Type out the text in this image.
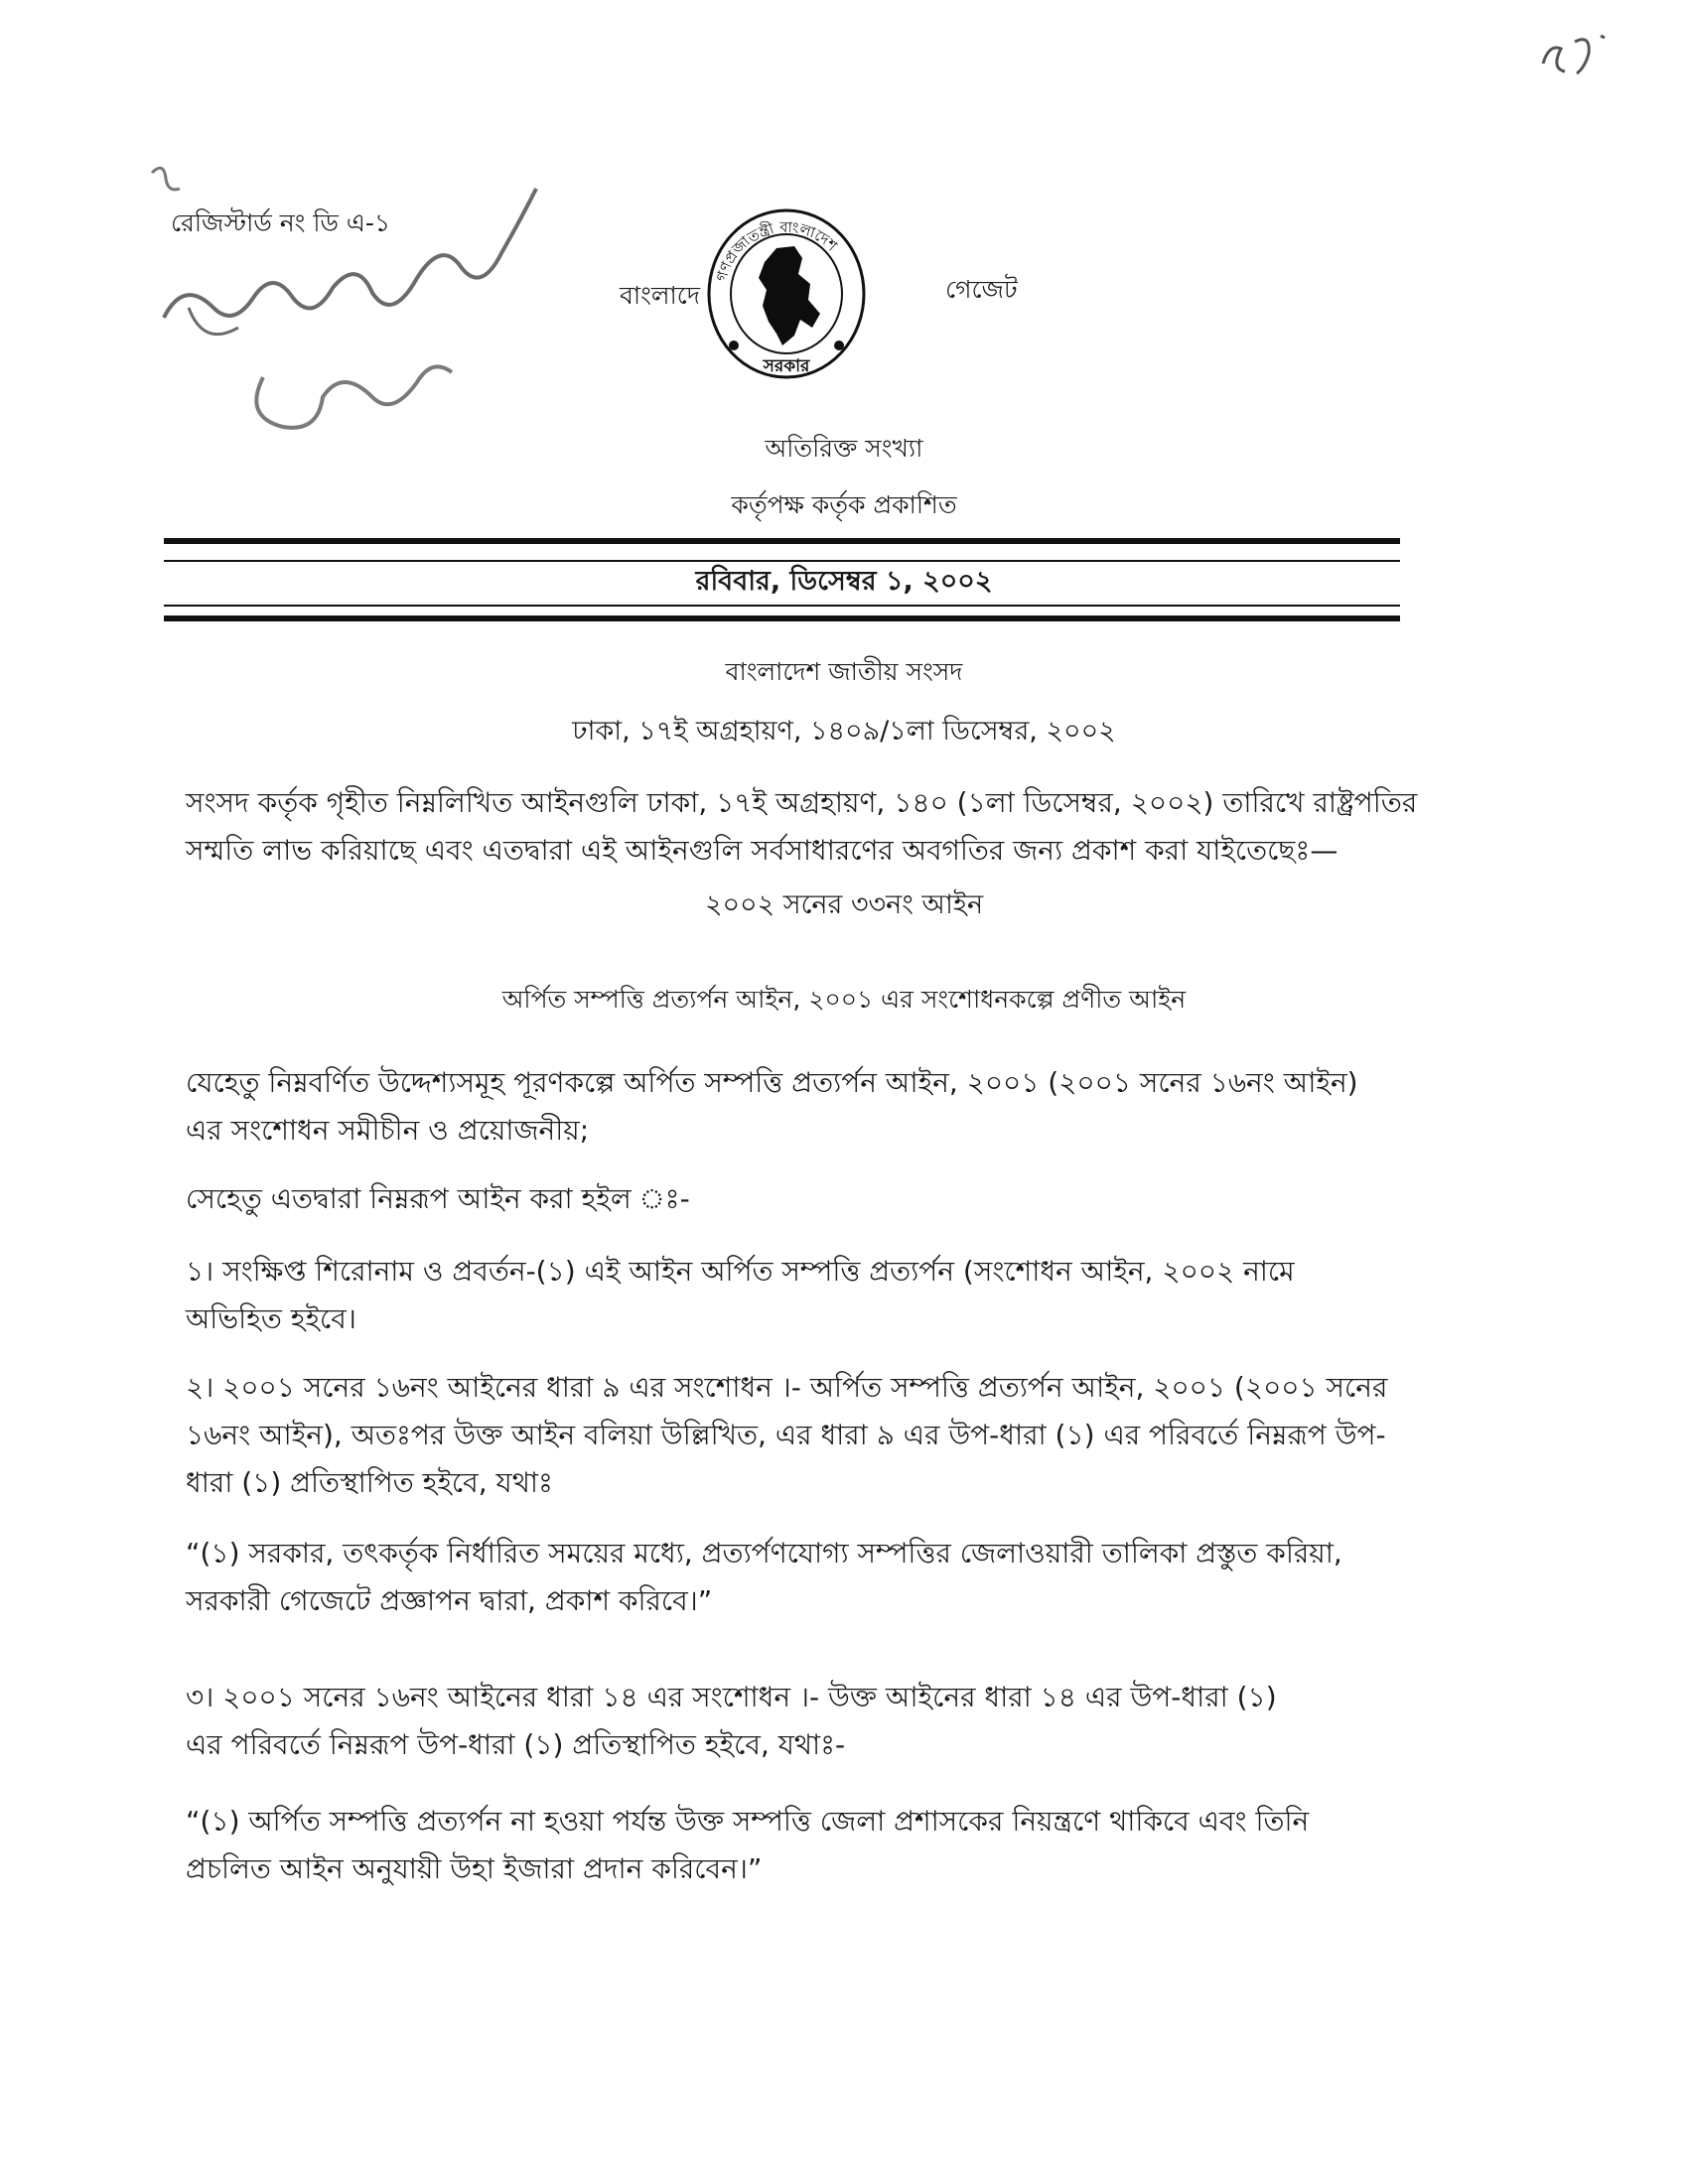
রেজিস্টার্ড নং ডি এ-১
বাংলাদে	গেজেট
গণপ্রজাতন্ত্রী বাংলাদেশ
সরকার
অতিরিক্ত সংখ্যা
কর্তৃপক্ষ কর্তৃক প্রকাশিত
রবিবার, ডিসেম্বর ১, ২০০২
বাংলাদেশ জাতীয় সংসদ
ঢাকা, ১৭ই অগ্রহায়ণ, ১৪০৯/১লা ডিসেম্বর, ২০০২

সংসদ কর্তৃক গৃহীত নিম্নলিখিত আইনগুলি ঢাকা, ১৭ই অগ্রহায়ণ, ১৪০ (১লা ডিসেম্বর, ২০০২) তারিখে রাষ্ট্রপতির

সম্মতি লাভ করিয়াছে এবং এতদ্বারা এই আইনগুলি সর্বসাধারণের অবগতির জন্য প্রকাশ করা যাইতেছেঃ—

২০০২ সনের ৩৩নং আইন
অর্পিত সম্পত্তি প্রত্যর্পন আইন, ২০০১ এর সংশোধনকল্পে প্রণীত আইন

যেহেতু নিম্নবর্ণিত উদ্দেশ্যসমূহ পূরণকল্পে অর্পিত সম্পত্তি প্রত্যর্পন আইন, ২০০১ (২০০১ সনের ১৬নং আইন)

এর সংশোধন সমীচীন ও প্রয়োজনীয়;

সেহেতু এতদ্বারা নিম্নরূপ আইন করা হইল ঃ-

১। সংক্ষিপ্ত শিরোনাম ও প্রবর্তন-(১) এই আইন অর্পিত সম্পত্তি প্রত্যর্পন (সংশোধন আইন, ২০০২ নামে

অভিহিত হইবে।

২। ২০০১ সনের ১৬নং আইনের ধারা ৯ এর সংশোধন ।- অর্পিত সম্পত্তি প্রত্যর্পন আইন, ২০০১ (২০০১ সনের

১৬নং আইন), অতঃপর উক্ত আইন বলিয়া উল্লিখিত, এর ধারা ৯ এর উপ-ধারা (১) এর পরিবর্তে নিম্নরূপ উপ-

ধারা (১) প্রতিস্থাপিত হইবে, যথাঃ

“(১) সরকার, তৎকর্তৃক নির্ধারিত সময়ের মধ্যে, প্রত্যর্পণযোগ্য সম্পত্তির জেলাওয়ারী তালিকা প্রস্তুত করিয়া,

সরকারী গেজেটে প্রজ্ঞাপন দ্বারা, প্রকাশ করিবে।”

৩। ২০০১ সনের ১৬নং আইনের ধারা ১৪ এর সংশোধন ।- উক্ত আইনের ধারা ১৪ এর উপ-ধারা (১)

এর পরিবর্তে নিম্নরূপ উপ-ধারা (১) প্রতিস্থাপিত হইবে, যথাঃ-

“(১) অর্পিত সম্পত্তি প্রত্যর্পন না হওয়া পর্যন্ত উক্ত সম্পত্তি জেলা প্রশাসকের নিয়ন্ত্রণে থাকিবে এবং তিনি

প্রচলিত আইন অনুযায়ী উহা ইজারা প্রদান করিবেন।”
